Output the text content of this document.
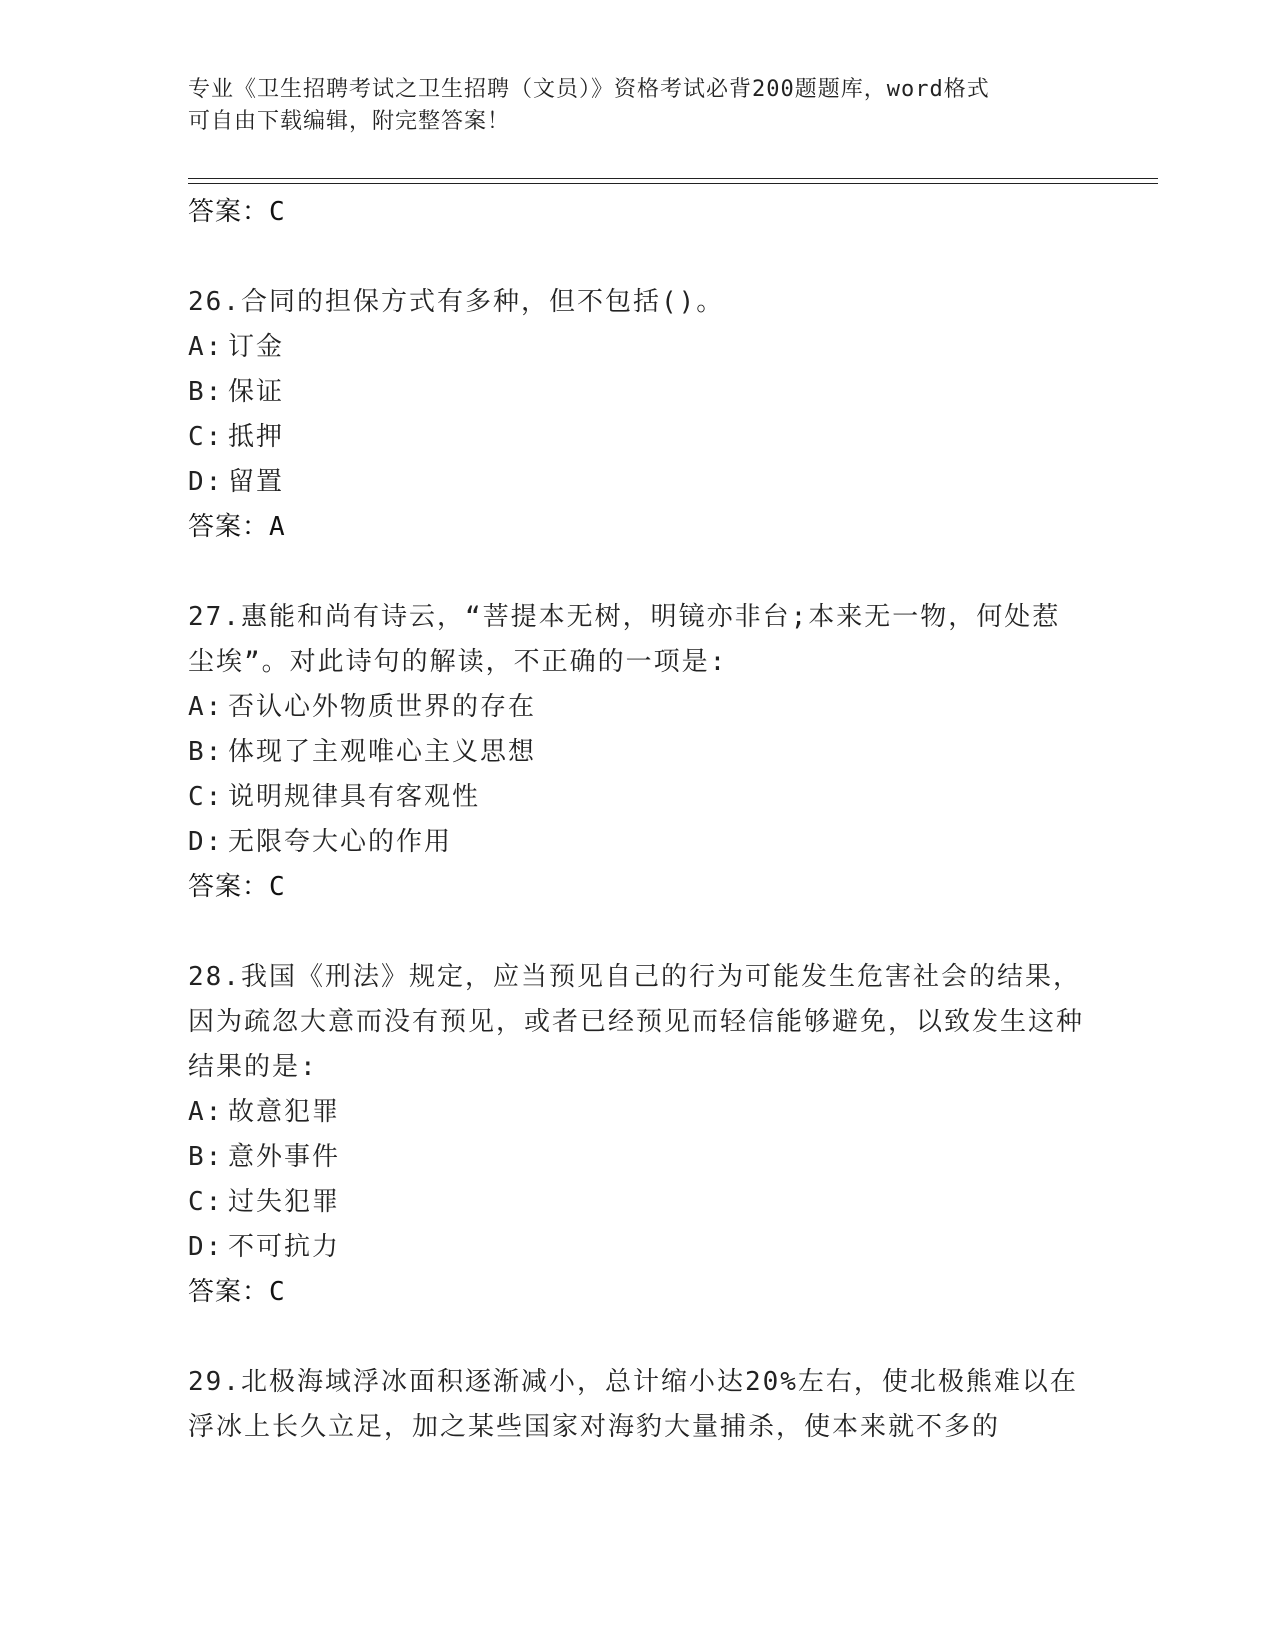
专业《卫生招聘考试之卫生招聘（文员）》资格考试必背200题题库，word格式
可自由下载编辑，附完整答案！
答案：C
26.合同的担保方式有多种，但不包括()。
A: 订金
B: 保证
C: 抵押
D: 留置
答案：A
27.惠能和尚有诗云，“菩提本无树，明镜亦非台;本来无一物，何处惹尘埃”。对此诗句的解读，不正确的一项是:
A: 否认心外物质世界的存在
B: 体现了主观唯心主义思想
C: 说明规律具有客观性
D: 无限夸大心的作用
答案：C
28.我国《刑法》规定，应当预见自己的行为可能发生危害社会的结果，因为疏忽大意而没有预见，或者已经预见而轻信能够避免，以致发生这种结果的是:
A: 故意犯罪
B: 意外事件
C: 过失犯罪
D: 不可抗力
答案：C
29.北极海域浮冰面积逐渐减小，总计缩小达20%左右，使北极熊难以在浮冰上长久立足，加之某些国家对海豹大量捕杀，使本来就不多的
